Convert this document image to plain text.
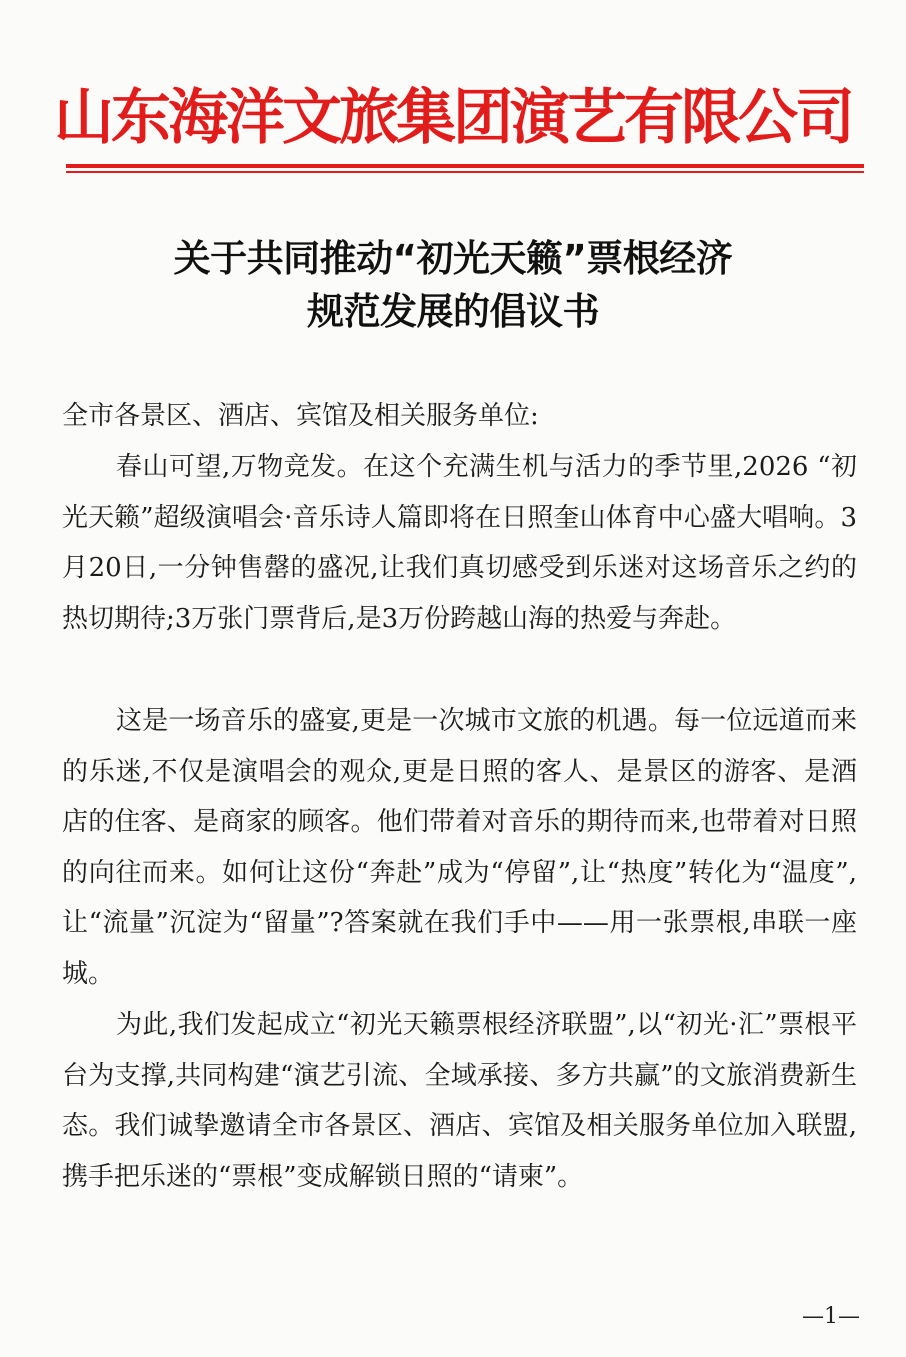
山东海洋文旅集团演艺有限公司
关于共同推动“初光天籁”票根经济
规范发展的倡议书

全市各景区、酒店、宾馆及相关服务单位:

春山可望,万物竞发。在这个充满生机与活力的季节里,2026 “初光天籁”超级演唱会·音乐诗人篇即将在日照奎山体育中心盛大唱响。3月20日,一分钟售罄的盛况,让我们真切感受到乐迷对这场音乐之约的热切期待;3万张门票背后,是3万份跨越山海的热爱与奔赴。

这是一场音乐的盛宴,更是一次城市文旅的机遇。每一位远道而来的乐迷,不仅是演唱会的观众,更是日照的客人、是景区的游客、是酒店的住客、是商家的顾客。他们带着对音乐的期待而来,也带着对日照的向往而来。如何让这份“奔赴”成为“停留”,让“热度”转化为“温度”,让“流量”沉淀为“留量”?答案就在我们手中——用一张票根,串联一座城。

为此,我们发起成立“初光天籁票根经济联盟”,以“初光·汇”票根平台为支撑,共同构建“演艺引流、全域承接、多方共赢”的文旅消费新生态。我们诚挚邀请全市各景区、酒店、宾馆及相关服务单位加入联盟,携手把乐迷的“票根”变成解锁日照的“请柬”。

—1—
